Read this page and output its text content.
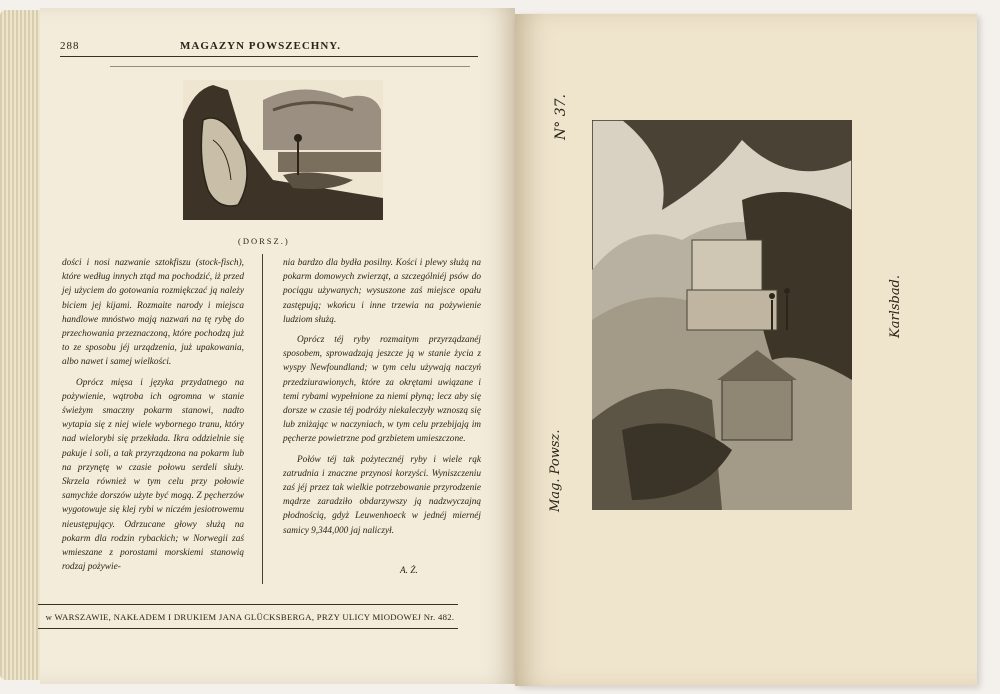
288	MAGAZYN POWSZECHNY.
(DORSZ.)

dości i nosi nazwanie sztokfiszu (stock-fisch), które według innych ztąd ma pochodzić, iż przed jej użyciem do gotowania rozmiękczać ją należy biciem jej kijami. Rozmaite narody i miejsca handlowe mnóstwo mają nazwań na tę rybę do przechowania przeznaczoną, które pochodzą już to ze sposobu jéj urządzenia, już upakowania, albo nawet i samej wielkości.

Oprócz mięsa i języka przydatnego na pożywienie, wątroba ich ogromna w stanie świeżym smaczny pokarm stanowi, nadto wytapia się z niej wiele wybornego tranu, który nad wielorybi się przekłada. Ikra oddzielnie się pakuje i soli, a tak przyrządzona na pokarm lub na przynętę w czasie połowu serdeli służy. Skrzela również w tym celu przy połowie samychże dorszów użyte być mogą. Z pęcherzów wygotowuje się klej rybi w niczém jesiotrowemu nieustępujący. Odrzucane głowy służą na pokarm dla rodzin rybackich; w Norwegii zaś wmieszane z porostami morskiemi stanowią rodzaj pożywie-

nia bardzo dla bydła posilny. Kości i plewy służą na pokarm domowych zwierząt, a szczególniéj psów do pociągu używanych; wysuszone zaś miejsce opału zastępują; wkońcu i inne trzewia na pożywienie ludziom służą.

Oprócz téj ryby rozmaitym przyrządzanéj sposobem, sprowadzają jeszcze ją w stanie życia z wyspy Newfoundland; w tym celu używają naczyń przedziurawionych, które za okrętami uwiązane i temi rybami wypełnione za niemi płyną; lecz aby się dorsze w czasie téj podróży niekaleczyły wznoszą się lub zniżając w naczyniach, w tym celu przebijają im pęcherze powietrzne pod grzbietem umieszczone.

Połów téj tak pożytecznéj ryby i wiele rąk zatrudnia i znaczne przynosi korzyści. Wyniszczeniu zaś jéj przez tak wielkie potrzebowanie przyrodzenie mądrze zaradziło obdarzywszy ją nadzwyczajną płodnością, gdyż Leuwenhoeck w jednéj miernéj samicy 9,344,000 jaj naliczył.

A. Ż.
w WARSZAWIE, NAKŁADEM I DRUKIEM JANA GLÜCKSBERGA, PRZY ULICY MIODOWEJ Nr. 482.
N° 37.
Mag. Powsz.
Karlsbad.
